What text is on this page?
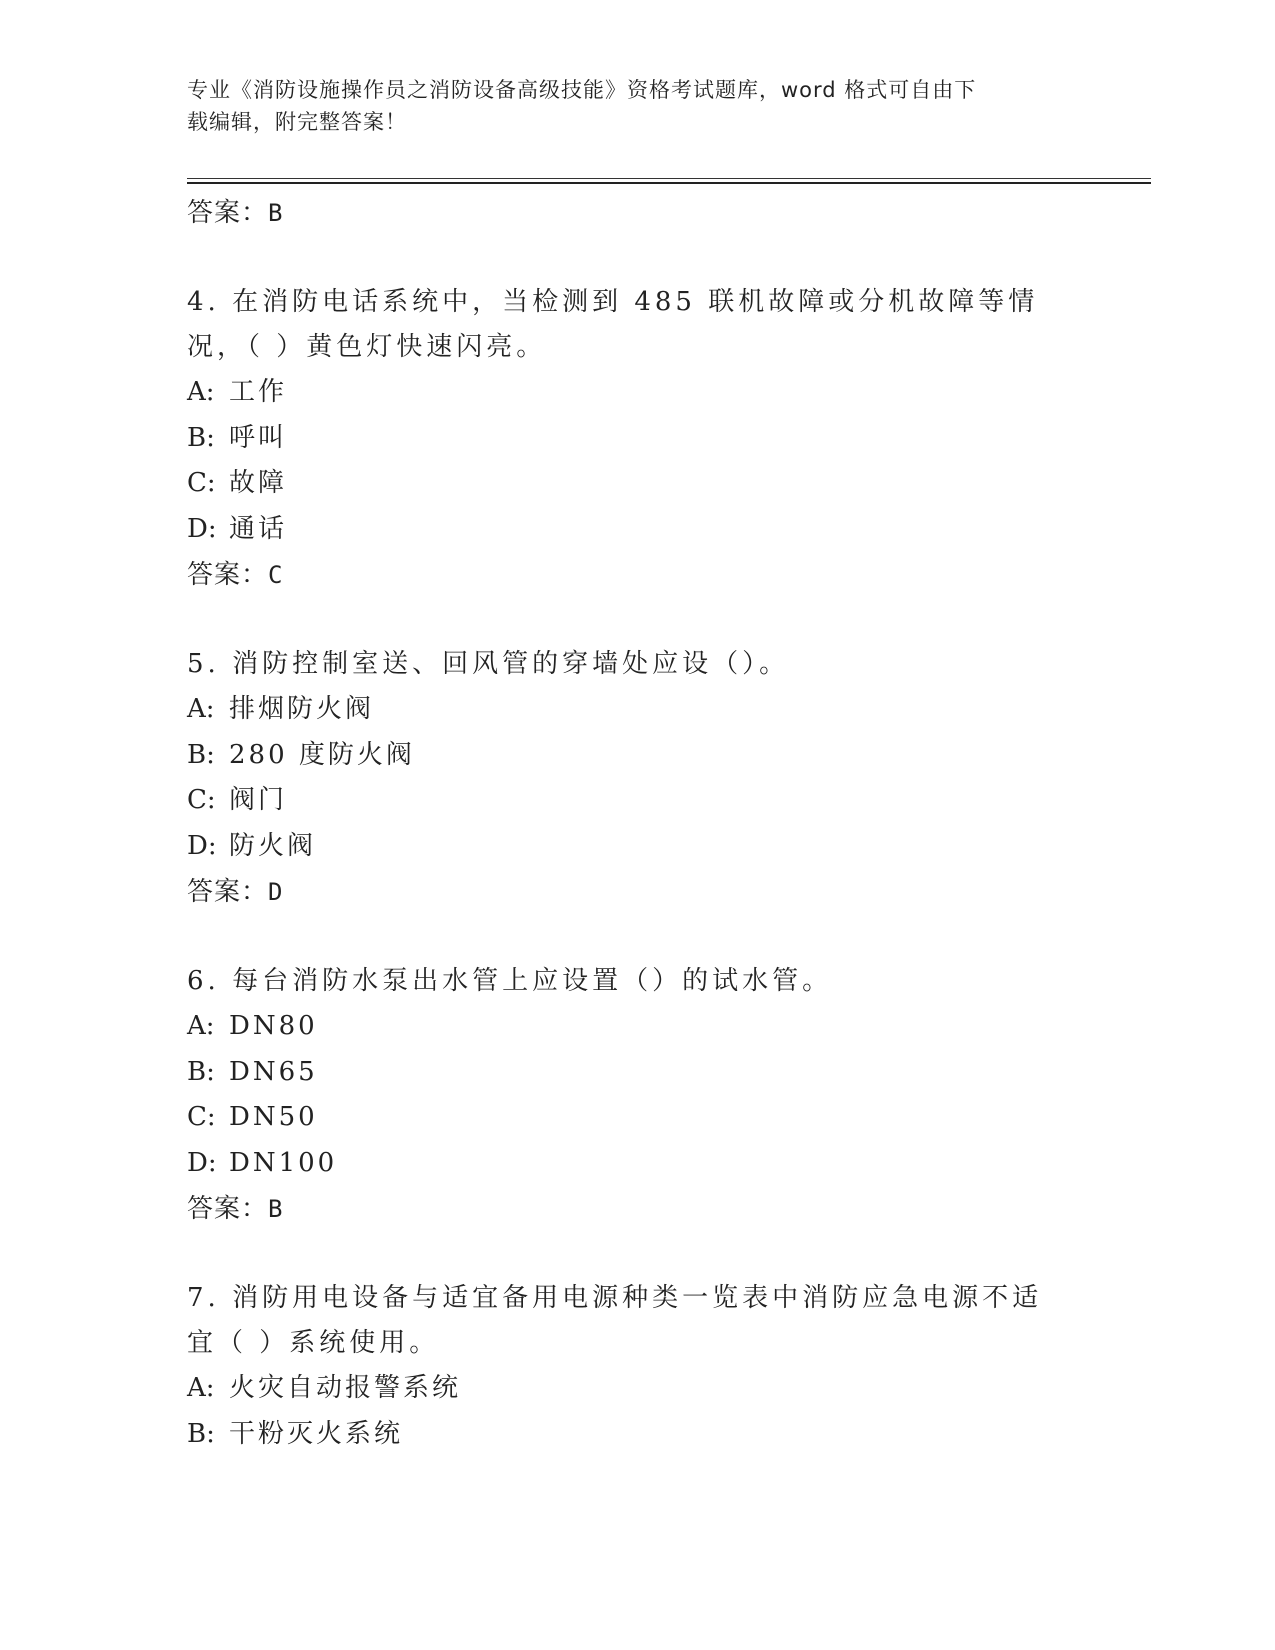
专业《消防设施操作员之消防设备高级技能》资格考试题库，word 格式可自由下
载编辑，附完整答案！
答案：B
4. 在消防电话系统中，当检测到 485 联机故障或分机故障等情况，（ ）黄色灯快速闪亮。
A: 工作
B: 呼叫
C: 故障
D: 通话
答案：C
5. 消防控制室送、回风管的穿墙处应设（）。
A: 排烟防火阀
B: 280 度防火阀
C: 阀门
D: 防火阀
答案：D
6. 每台消防水泵出水管上应设置（）的试水管。
A: DN80
B: DN65
C: DN50
D: DN100
答案：B
7. 消防用电设备与适宜备用电源种类一览表中消防应急电源不适宜（ ）系统使用。
A: 火灾自动报警系统
B: 干粉灭火系统
